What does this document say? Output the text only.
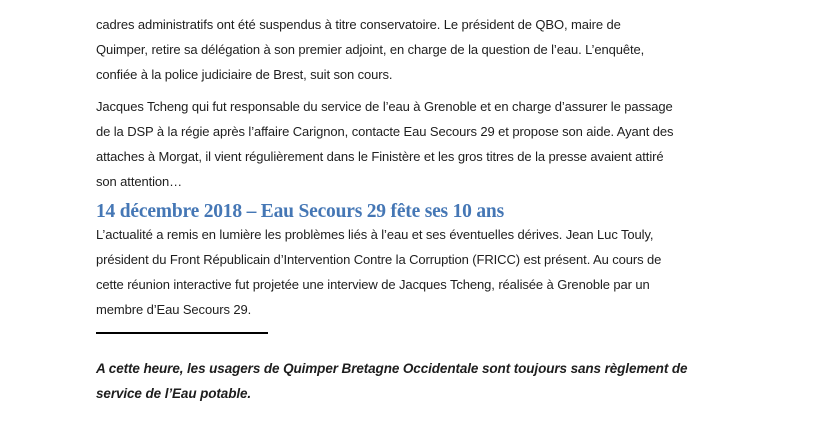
cadres administratifs ont été suspendus à titre conservatoire. Le président de QBO, maire de
Quimper, retire sa délégation à son premier adjoint, en charge de la question de l’eau. L’enquête,
confiée à la police judiciaire de Brest, suit son cours.
Jacques Tcheng qui fut responsable du service de l’eau à Grenoble et en charge d’assurer le passage
de la DSP à la régie après l’affaire Carignon, contacte Eau Secours 29 et propose son aide. Ayant des
attaches à Morgat, il vient régulièrement dans le Finistère et les gros titres de la presse avaient attiré
son attention…
14 décembre 2018 – Eau Secours 29 fête ses 10 ans
L’actualité a remis en lumière les problèmes liés à l’eau et ses éventuelles dérives. Jean Luc Touly,
président du Front Républicain d’Intervention Contre la Corruption (FRICC) est présent. Au cours de
cette réunion interactive fut projetée une interview de Jacques Tcheng, réalisée à Grenoble par un
membre d’Eau Secours 29.
A cette heure, les usagers de Quimper Bretagne Occidentale sont toujours sans règlement de
service de l’Eau potable.
